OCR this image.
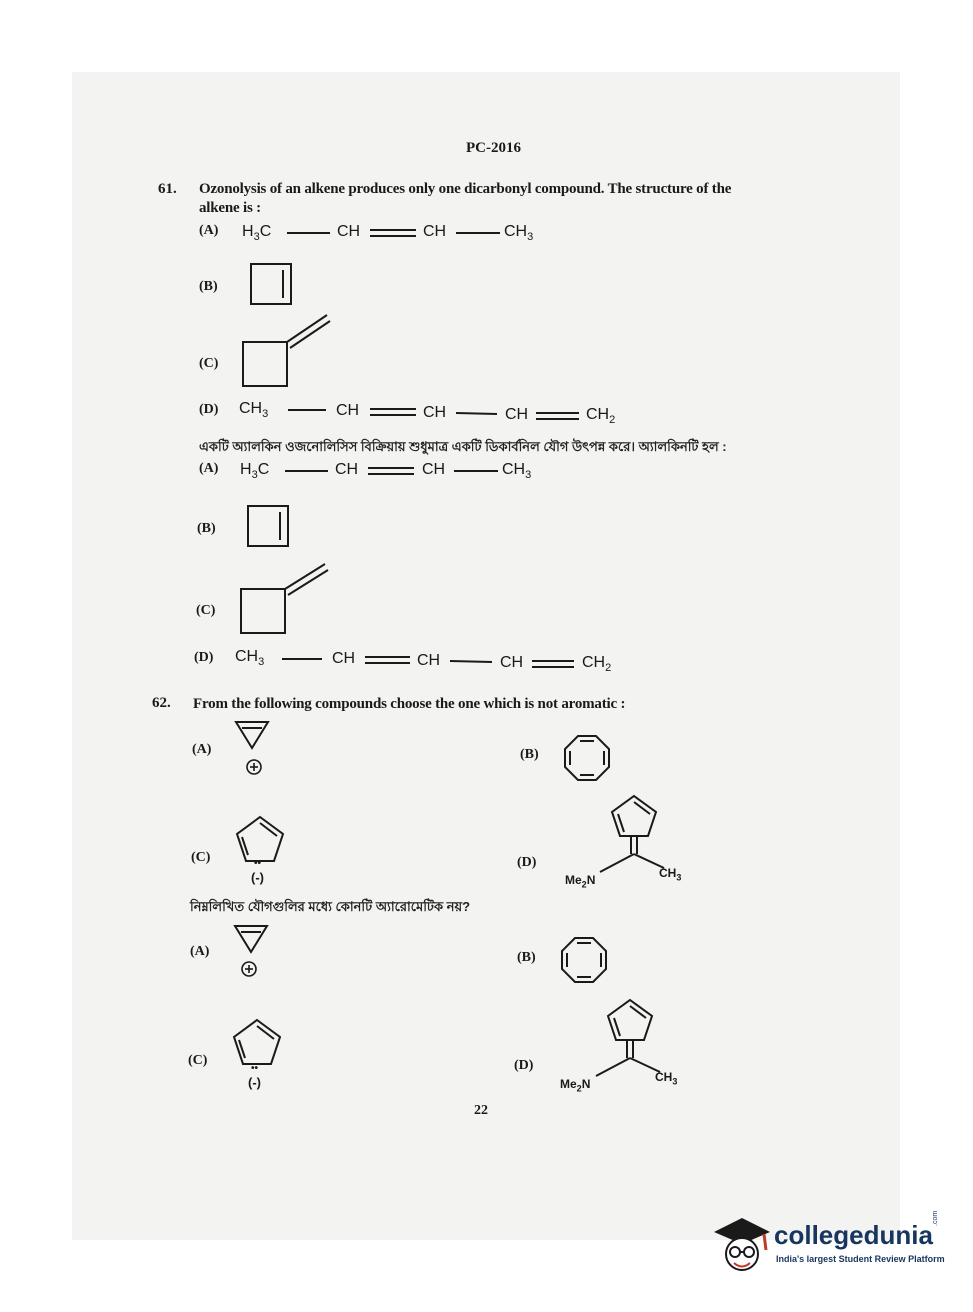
PC-2016
61. Ozonolysis of an alkene produces only one dicarbonyl compound. The structure of the
alkene is :
(A) $H_3C$	CH	CH	$CH_3$
(B)
(C)
(D) $CH_3$	CH	CH	CH	$CH_2$
একটি অ্যালকিন ওজনোলিসিস বিক্রিয়ায় শুধুমাত্র একটি ডিকার্বনিল যৌগ উৎপন্ন করে। অ্যালকিনটি হল :
(A) $H_3C$	CH	CH	$CH_3$
(B)
(C)
(D) $CH_3$	CH	CH	CH	$CH_2$
62. From the following compounds choose the one which is not aromatic :
(A)	(B)
(C)	••
(-)
(D)
$Me_2N$	$CH_3$
নিম্নলিখিত যৌগগুলির মধ্যে কোনটি অ্যারোমেটিক নয়?
(A)	(B)
(C)
••
(-)
(D)
$Me_2N$	$CH_3$
22
collegedunia
.com
India's largest Student Review Platform
